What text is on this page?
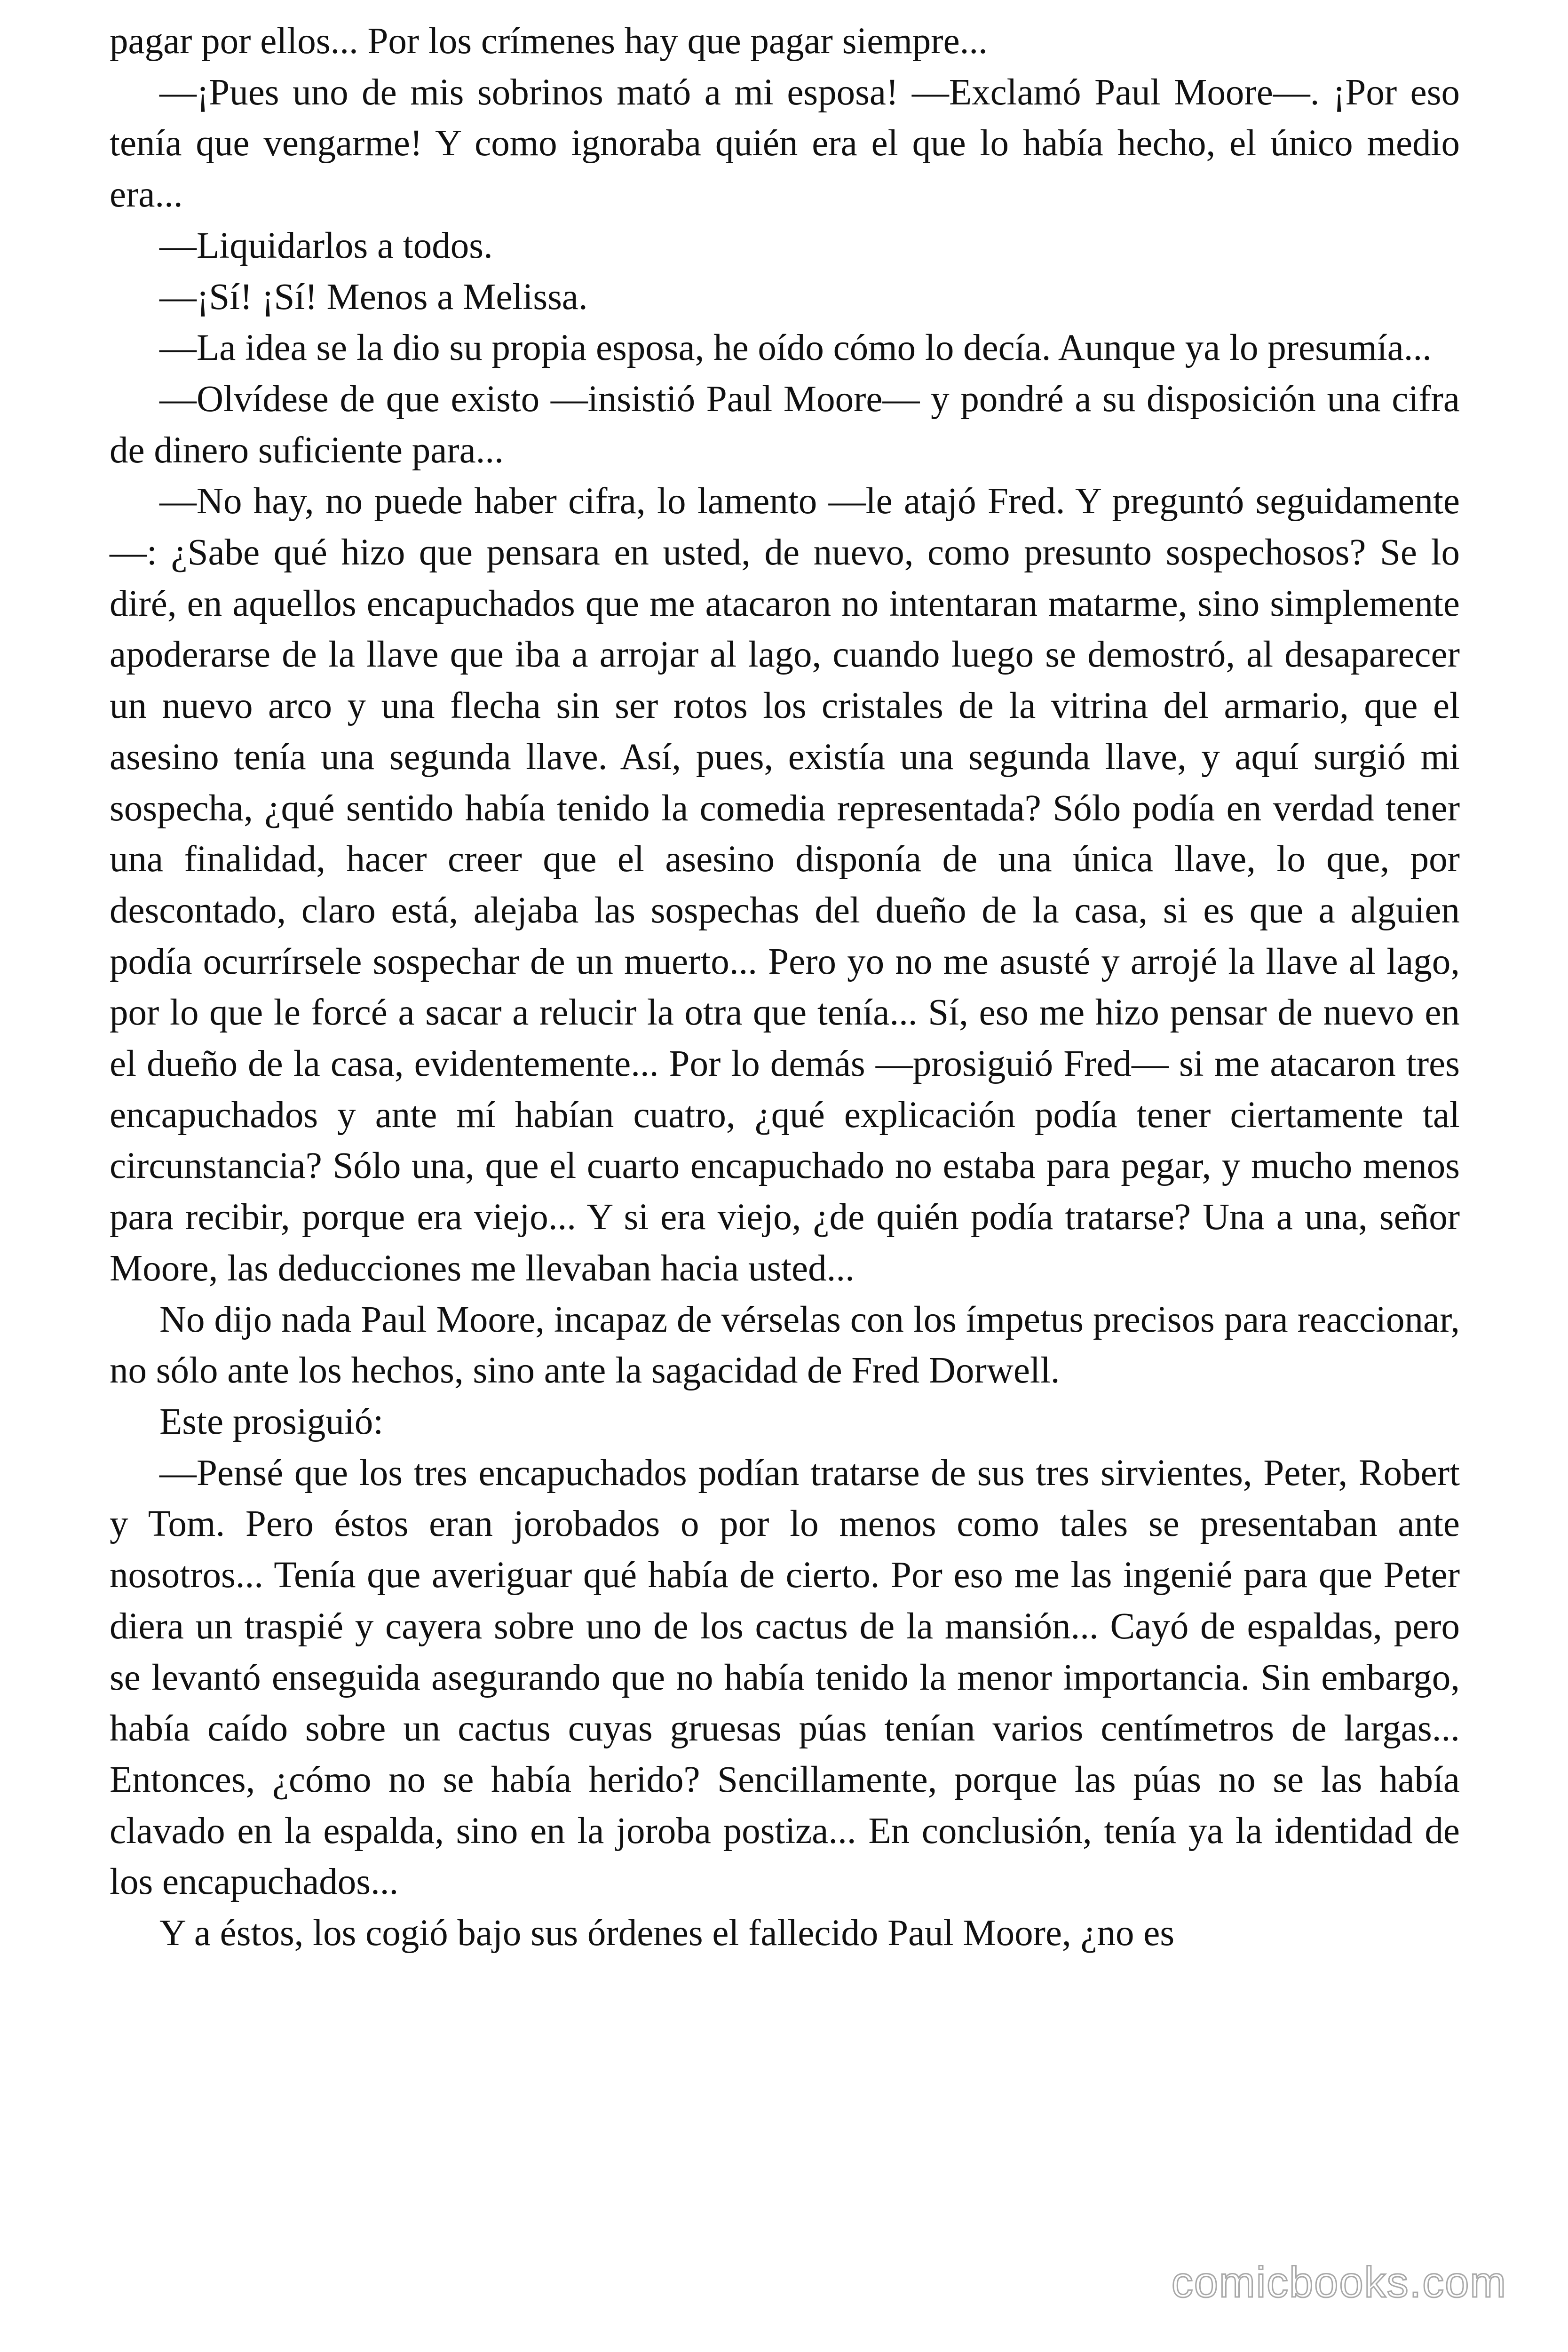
pagar por ellos... Por los crímenes hay que pagar siempre...

—¡Pues uno de mis sobrinos mató a mi esposa! —Exclamó Paul Moore—. ¡Por eso tenía que vengarme! Y como ignoraba quién era el que lo había hecho, el único medio era...

—Liquidarlos a todos.

—¡Sí! ¡Sí! Menos a Melissa.

—La idea se la dio su propia esposa, he oído cómo lo decía. Aunque ya lo presumía...

—Olvídese de que existo —insistió Paul Moore— y pondré a su disposición una cifra de dinero suficiente para...

—No hay, no puede haber cifra, lo lamento —le atajó Fred. Y preguntó seguidamente—: ¿Sabe qué hizo que pensara en usted, de nuevo, como presunto sospechosos? Se lo diré, en aquellos encapuchados que me atacaron no intentaran matarme, sino simplemente apoderarse de la llave que iba a arrojar al lago, cuando luego se demostró, al desaparecer un nuevo arco y una flecha sin ser rotos los cristales de la vitrina del armario, que el asesino tenía una segunda llave. Así, pues, existía una segunda llave, y aquí surgió mi sospecha, ¿qué sentido había tenido la comedia representada? Sólo podía en verdad tener una finalidad, hacer creer que el asesino disponía de una única llave, lo que, por descontado, claro está, alejaba las sospechas del dueño de la casa, si es que a alguien podía ocurrírsele sospechar de un muerto... Pero yo no me asusté y arrojé la llave al lago, por lo que le forcé a sacar a relucir la otra que tenía... Sí, eso me hizo pensar de nuevo en el dueño de la casa, evidentemente... Por lo demás —prosiguió Fred— si me atacaron tres encapuchados y ante mí habían cuatro, ¿qué explicación podía tener ciertamente tal circunstancia? Sólo una, que el cuarto encapuchado no estaba para pegar, y mucho menos para recibir, porque era viejo... Y si era viejo, ¿de quién podía tratarse? Una a una, señor Moore, las deducciones me llevaban hacia usted...

No dijo nada Paul Moore, incapaz de vérselas con los ímpetus precisos para reaccionar, no sólo ante los hechos, sino ante la sagacidad de Fred Dorwell.

Este prosiguió:

—Pensé que los tres encapuchados podían tratarse de sus tres sirvientes, Peter, Robert y Tom. Pero éstos eran jorobados o por lo menos como tales se presentaban ante nosotros... Tenía que averiguar qué había de cierto. Por eso me las ingenié para que Peter diera un traspié y cayera sobre uno de los cactus de la mansión... Cayó de espaldas, pero se levantó enseguida asegurando que no había tenido la menor importancia. Sin embargo, había caído sobre un cactus cuyas gruesas púas tenían varios centímetros de largas... Entonces, ¿cómo no se había herido? Sencillamente, porque las púas no se las había clavado en la espalda, sino en la joroba postiza... En conclusión, tenía ya la identidad de los encapuchados...

Y a éstos, los cogió bajo sus órdenes el fallecido Paul Moore, ¿no es

comicbooks.com
